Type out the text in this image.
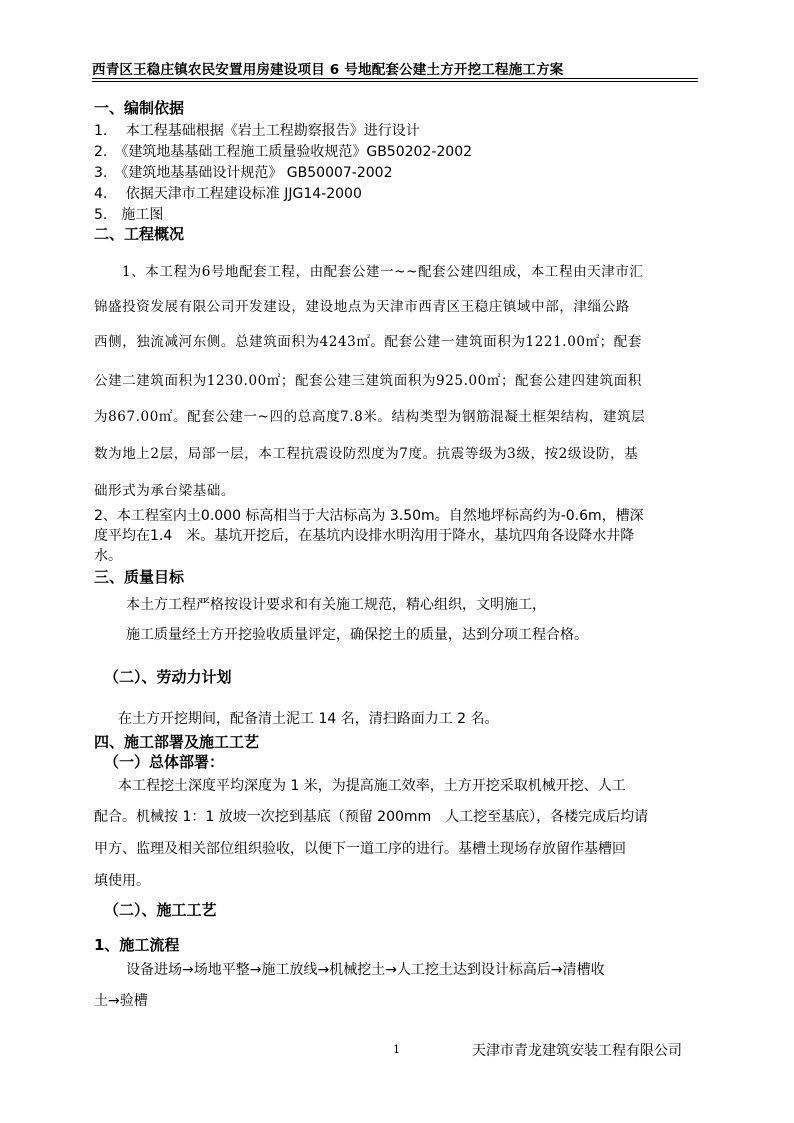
西青区王稳庄镇农民安置用房建设项目 6 号地配套公建土方开挖工程施工方案
一、编制依据
1.　 本工程基础根据《岩土工程勘察报告》进行设计
2.　《建筑地基基础工程施工质量验收规范》GB50202-2002
3.　《建筑地基基础设计规范》 GB50007-2002
4.　 依据天津市工程建设标准 JJG14-2000
5.　施工图
二、工程概况
1、本工程为6号地配套工程，由配套公建一~~配套公建四组成，本工程由天津市汇
锦盛投资发展有限公司开发建设，建设地点为天津市西青区王稳庄镇域中部，津缁公路
西侧，独流减河东侧。总建筑面积为4243㎡。配套公建一建筑面积为1221.00㎡；配套
公建二建筑面积为1230.00㎡；配套公建三建筑面积为925.00㎡；配套公建四建筑面积
为867.00㎡。配套公建一~四的总高度7.8米。结构类型为钢筋混凝土框架结构，建筑层
数为地上2层，局部一层，本工程抗震设防烈度为7度。抗震等级为3级，按2级设防，基
础形式为承台梁基础。
2、本工程室内土0.000 标高相当于大沽标高为 3.50m。自然地坪标高约为-0.6m，槽深
度平均在1.4　米。基坑开挖后，在基坑内设排水明沟用于降水，基坑四角各设降水井降
水。
三、质量目标
本土方工程严格按设计要求和有关施工规范，精心组织，文明施工，
施工质量经土方开挖验收质量评定，确保挖土的质量，达到分项工程合格。
（二）、劳动力计划
在土方开挖期间，配备清土泥工 14 名，清扫路面力工 2 名。
四、施工部署及施工工艺
（一）总体部署：
本工程挖土深度平均深度为 1 米，为提高施工效率，土方开挖采取机械开挖、人工
配合。机械按 1：1 放坡一次挖到基底（预留 200mm　人工挖至基底），各楼完成后均请
甲方、监理及相关部位组织验收，以便下一道工序的进行。基槽土现场存放留作基槽回
填使用。
（二）、施工工艺
1、施工流程
设备进场→场地平整→施工放线→机械挖土→人工挖土达到设计标高后→清槽收
土→验槽
1	天津市青龙建筑安装工程有限公司
